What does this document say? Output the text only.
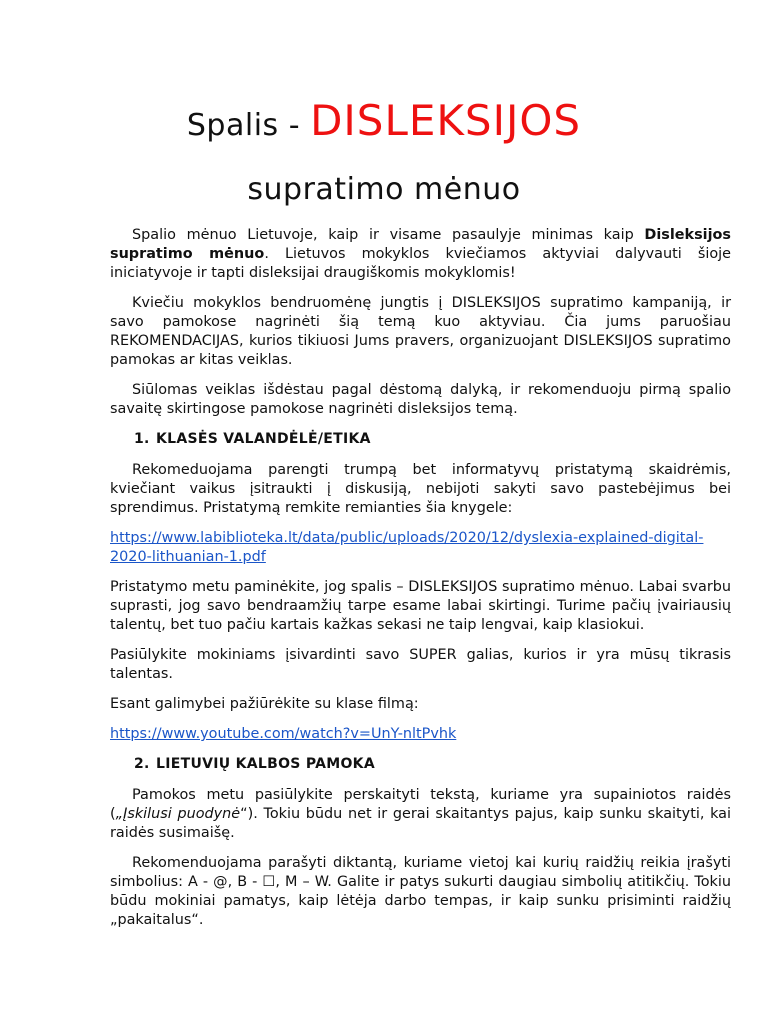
Spalis - DISLEKSIJOS
supratimo mėnuo

Spalio mėnuo Lietuvoje, kaip ir visame pasaulyje minimas kaip Disleksijos supratimo mėnuo. Lietuvos mokyklos kviečiamos aktyviai dalyvauti šioje iniciatyvoje ir tapti disleksijai draugiškomis mokyklomis!

Kviečiu mokyklos bendruomėnę jungtis į DISLEKSIJOS supratimo kampaniją, ir savo pamokose nagrinėti šią temą kuo aktyviau. Čia jums paruošiau REKOMENDACIJAS, kurios tikiuosi Jums pravers, organizuojant DISLEKSIJOS supratimo pamokas ar kitas veiklas.

Siūlomas veiklas išdėstau pagal dėstomą dalyką, ir rekomenduoju pirmą spalio savaitę skirtingose pamokose nagrinėti disleksijos temą.

1. KLASĖS VALANDĖLĖ/ETIKA

Rekomeduojama parengti trumpą bet informatyvų pristatymą skaidrėmis, kviečiant vaikus įsitraukti į diskusiją, nebijoti sakyti savo pastebėjimus bei sprendimus. Pristatymą remkite remianties šia knygele:

https://www.labiblioteka.lt/data/public/uploads/2020/12/dyslexia-explained-digital-2020-lithuanian-1.pdf

Pristatymo metu paminėkite, jog spalis – DISLEKSIJOS supratimo mėnuo. Labai svarbu suprasti, jog savo bendraamžių tarpe esame labai skirtingi. Turime pačių įvairiausių talentų, bet tuo pačiu kartais kažkas sekasi ne taip lengvai, kaip klasiokui.

Pasiūlykite mokiniams įsivardinti savo SUPER galias, kurios ir yra mūsų tikrasis talentas.

Esant galimybei pažiūrėkite su klase filmą:

https://www.youtube.com/watch?v=UnY-nltPvhk

2. LIETUVIŲ KALBOS PAMOKA

Pamokos metu pasiūlykite perskaityti tekstą, kuriame yra supainiotos raidės („Įskilusi puodynė“). Tokiu būdu net ir gerai skaitantys pajus, kaip sunku skaityti, kai raidės susimaišę.

Rekomenduojama parašyti diktantą, kuriame vietoj kai kurių raidžių reikia įrašyti simbolius: A - @, B - ☐, M – W. Galite ir patys sukurti daugiau simbolių atitikčių. Tokiu būdu mokiniai pamatys, kaip lėtėja darbo tempas, ir kaip sunku prisiminti raidžių „pakaitalus“.
